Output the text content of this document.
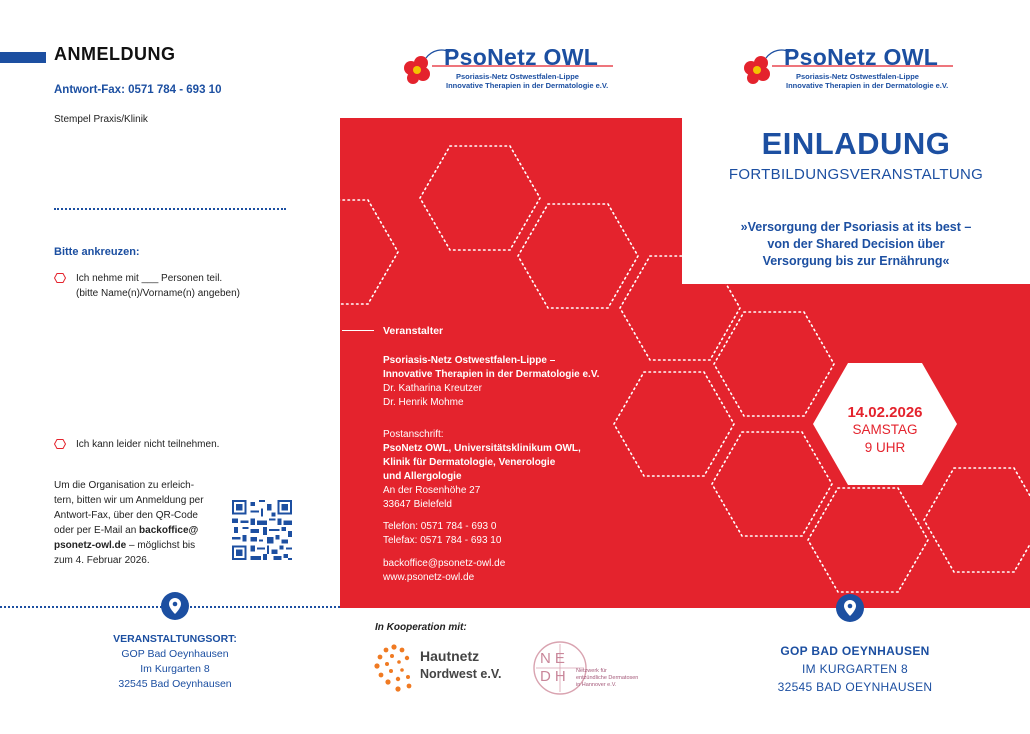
ANMELDUNG
Antwort-Fax: 0571 784 - 693 10
Stempel Praxis/Klinik
Bitte ankreuzen:
Ich nehme mit ___ Personen teil.
(bitte Name(n)/Vorname(n) angeben)
Ich kann leider nicht teilnehmen.
Um die Organisation zu erleich-
tern, bitten wir um Anmeldung per
Antwort-Fax, über den QR-Code
oder per E-Mail an backoffice@
psonetz-owl.de – möglichst bis
zum 4. Februar 2026.
VERANSTALTUNGSORT:
GOP Bad Oeynhausen
Im Kurgarten 8
32545 Bad Oeynhausen
PsoNetz OWL
Psoriasis-Netz Ostwestfalen-Lippe
Innovative Therapien in der Dermatologie e.V.
PsoNetz OWL
Psoriasis-Netz Ostwestfalen-Lippe
Innovative Therapien in der Dermatologie e.V.
EINLADUNG
FORTBILDUNGSVERANSTALTUNG
»Versorgung der Psoriasis at its best –
von der Shared Decision über
Versorgung bis zur Ernährung«
Veranstalter
Psoriasis-Netz Ostwestfalen-Lippe –
Innovative Therapien in der Dermatologie e.V.
Dr. Katharina Kreutzer
Dr. Henrik Mohme
Postanschrift:
PsoNetz OWL, Universitätsklinikum OWL,
Klinik für Dermatologie, Venerologie
und Allergologie
An der Rosenhöhe 27
33647 Bielefeld
Telefon: 0571 784 - 693 0
Telefax: 0571 784 - 693 10
backoffice@psonetz-owl.de
www.psonetz-owl.de
14.02.2026
SAMSTAG
9 UHR
In Kooperation mit:
Hautnetz
Nordwest e.V.
NEDH	Netzwerk für
entzündliche Dermatosen
in Hannover e.V.
GOP BAD OEYNHAUSEN
IM KURGARTEN 8
32545 BAD OEYNHAUSEN
